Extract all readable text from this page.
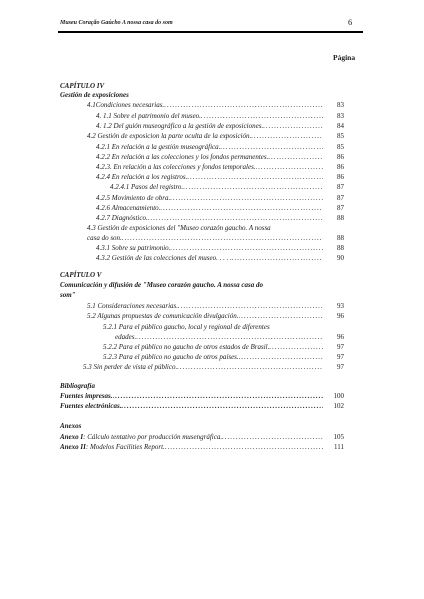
Museu Coração Gaúcho A nossa casa do som	6
Página
CAPÍTULO IV
Gestión de exposiciones
4.1Condiciones necesarias. .....	83
4. 1.1 Sobre el patrimonio del museo. .....	83
4. 1.2 Del guión museográfico a la gestión de exposiciones. .....	84
4.2 Gestión de exposicion la parte oculta de la exposición. .....	85
4.2.1 En relación a la gestión museográfica. .....	85
4.2.2 En relación a las colecciones y los fondos permanentes. .....	86
4.2.3. En relación a las colecciones y fondos temporales. .....	86
4.2.4 En relación a los registros. .....	86
4.2.4.1 Pasos del registro. .....	87
4.2.5 Movimiento de obra. .....	87
4.2.6 Almacenamiento. .....	87
4.2.7 Diagnóstico. .....	88
4.3 Gestión de exposiciones del "Museo corazón gaucho. A nossa
casa do son. .....	88
4.3.1 Sobre su patrimonio. .....	88
4.3.2 Gestión de las colecciones del museo. . . . . .....	90
CAPÍTULO V
Comunicación y difusión de "Museo corazón gaucho. A nossa casa do
som"
5.1 Consideraciones necesarias. .....	93
5.2 Algunas propuestas de comunicación divulgación. .....	96
5.2.1 Para el público gaucho, local y regional de diferentes
edades. .....	96
5.2.2 Para el público no gaucho de otros estados de Brasil. .....	97
5.2.3 Para el público no gaucho de otros países. .....	97
5.3 Sin perder de vista el público. .....	97
Bibliografía
Fuentes impresas. .....	100
Fuentes electrónicas. .....	102
Anexos
Anexo I: Cálculo tentativo por producción musengráfica. .....	105
Anexo II: Modelos Facilities Report. .....	111
